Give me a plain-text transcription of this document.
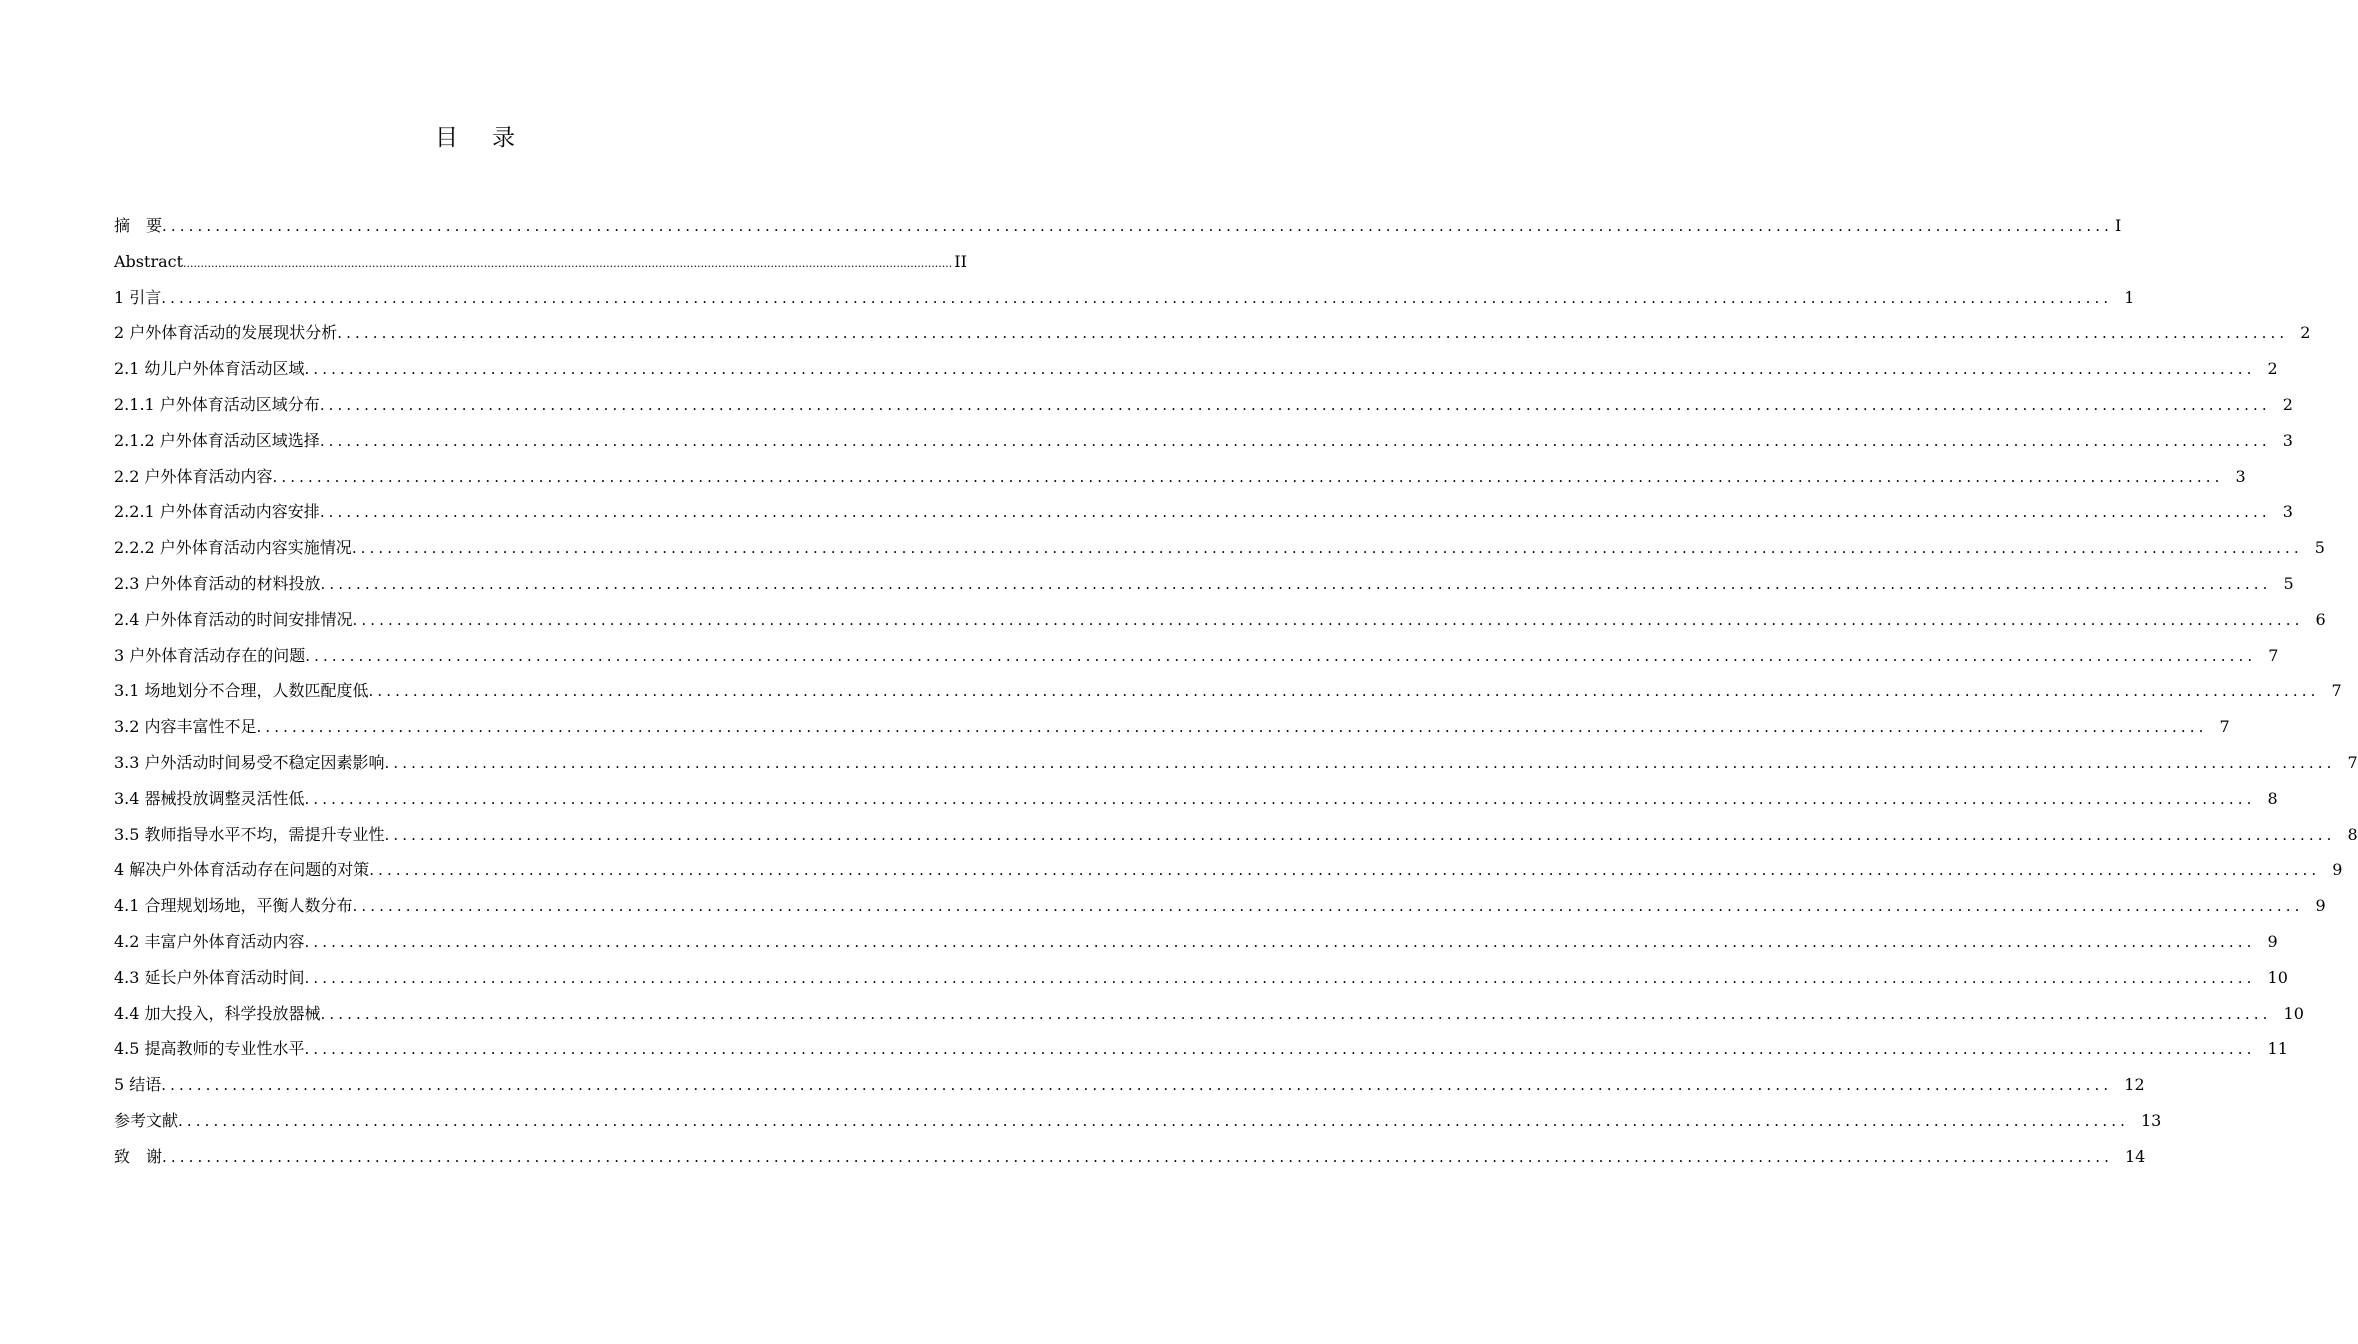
目 录
摘　要 ............................................................................................................................................................................................................................ I
Abstract ............................................................................................................................................................................................................................ II
1 引言 ............................................................................................................................................................................................................................ 1
2 户外体育活动的发展现状分析 ............................................................................................................................................................................................................................ 2
2.1 幼儿户外体育活动区域 ............................................................................................................................................................................................................................ 2
2.1.1 户外体育活动区域分布 ............................................................................................................................................................................................................................ 2
2.1.2 户外体育活动区域选择 ............................................................................................................................................................................................................................ 3
2.2 户外体育活动内容 ............................................................................................................................................................................................................................ 3
2.2.1 户外体育活动内容安排 ............................................................................................................................................................................................................................ 3
2.2.2 户外体育活动内容实施情况 ............................................................................................................................................................................................................................ 5
2.3 户外体育活动的材料投放 ............................................................................................................................................................................................................................ 5
2.4 户外体育活动的时间安排情况 ............................................................................................................................................................................................................................ 6
3 户外体育活动存在的问题 ............................................................................................................................................................................................................................ 7
3.1 场地划分不合理，人数匹配度低 ............................................................................................................................................................................................................................ 7
3.2 内容丰富性不足 ............................................................................................................................................................................................................................ 7
3.3 户外活动时间易受不稳定因素影响 ............................................................................................................................................................................................................................ 7
3.4 器械投放调整灵活性低 ............................................................................................................................................................................................................................ 8
3.5 教师指导水平不均，需提升专业性 ............................................................................................................................................................................................................................ 8
4 解决户外体育活动存在问题的对策 ............................................................................................................................................................................................................................ 9
4.1 合理规划场地，平衡人数分布 ............................................................................................................................................................................................................................ 9
4.2 丰富户外体育活动内容 ............................................................................................................................................................................................................................ 9
4.3 延长户外体育活动时间 ............................................................................................................................................................................................................................ 10
4.4 加大投入，科学投放器械 ............................................................................................................................................................................................................................ 10
4.5 提高教师的专业性水平 ............................................................................................................................................................................................................................ 11
5 结语 ............................................................................................................................................................................................................................ 12
参考文献 ............................................................................................................................................................................................................................ 13
致　谢 ............................................................................................................................................................................................................................ 14
